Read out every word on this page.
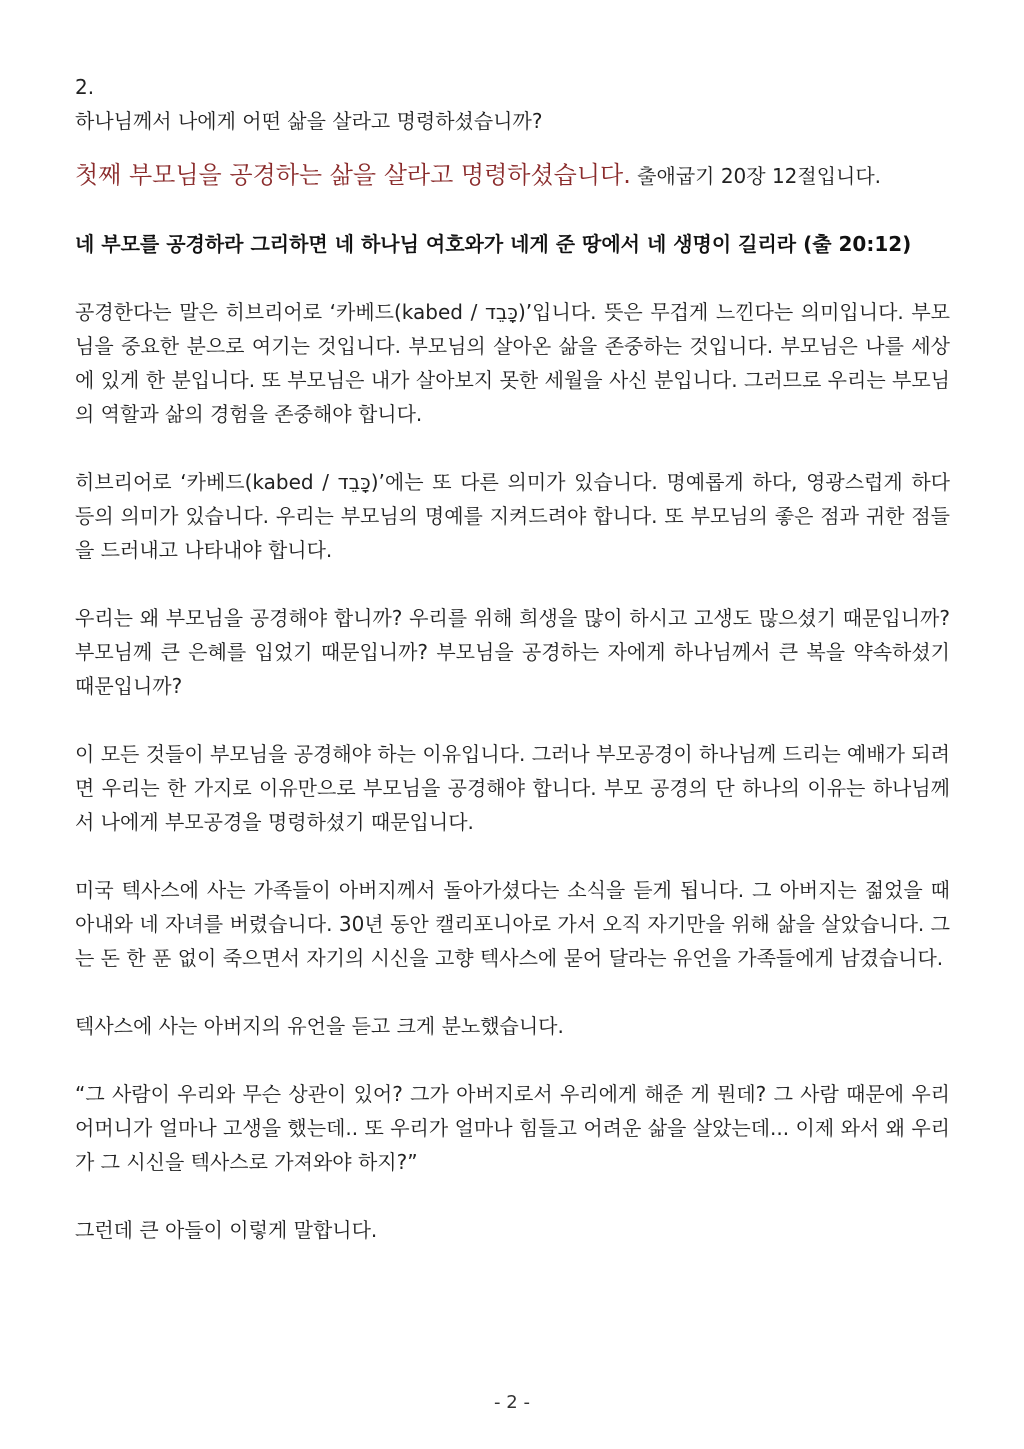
2.

하나님께서 나에게 어떤 삶을 살라고 명령하셨습니까?

첫째 부모님을 공경하는 삶을 살라고 명령하셨습니다. 출애굽기 20장 12절입니다.

네 부모를 공경하라 그리하면 네 하나님 여호와가 네게 준 땅에서 네 생명이 길리라 (출 20:12)

공경한다는 말은 히브리어로 ‘카베드(kabed / כָּבֵד)’입니다. 뜻은 무겁게 느낀다는 의미입니다. 부모님을 중요한 분으로 여기는 것입니다. 부모님의 살아온 삶을 존중하는 것입니다. 부모님은 나를 세상에 있게 한 분입니다. 또 부모님은 내가 살아보지 못한 세월을 사신 분입니다. 그러므로 우리는 부모님의 역할과 삶의 경험을 존중해야 합니다.

히브리어로 ‘카베드(kabed / כָּבֵד)’에는 또 다른 의미가 있습니다. 명예롭게 하다, 영광스럽게 하다 등의 의미가 있습니다. 우리는 부모님의 명예를 지켜드려야 합니다. 또 부모님의 좋은 점과 귀한 점들을 드러내고 나타내야 합니다.

우리는 왜 부모님을 공경해야 합니까? 우리를 위해 희생을 많이 하시고 고생도 많으셨기 때문입니까? 부모님께 큰 은혜를 입었기 때문입니까? 부모님을 공경하는 자에게 하나님께서 큰 복을 약속하셨기 때문입니까?

이 모든 것들이 부모님을 공경해야 하는 이유입니다. 그러나 부모공경이 하나님께 드리는 예배가 되려면 우리는 한 가지로 이유만으로 부모님을 공경해야 합니다. 부모 공경의 단 하나의 이유는 하나님께서 나에게 부모공경을 명령하셨기 때문입니다.

미국 텍사스에 사는 가족들이 아버지께서 돌아가셨다는 소식을 듣게 됩니다. 그 아버지는 젊었을 때 아내와 네 자녀를 버렸습니다. 30년 동안 캘리포니아로 가서 오직 자기만을 위해 삶을 살았습니다. 그는 돈 한 푼 없이 죽으면서 자기의 시신을 고향 텍사스에 묻어 달라는 유언을 가족들에게 남겼습니다.

텍사스에 사는 아버지의 유언을 듣고 크게 분노했습니다.

“그 사람이 우리와 무슨 상관이 있어? 그가 아버지로서 우리에게 해준 게 뭔데? 그 사람 때문에 우리 어머니가 얼마나 고생을 했는데.. 또 우리가 얼마나 힘들고 어려운 삶을 살았는데... 이제 와서 왜 우리가 그 시신을 텍사스로 가져와야 하지?”

그런데 큰 아들이 이렇게 말합니다.

- 2 -
